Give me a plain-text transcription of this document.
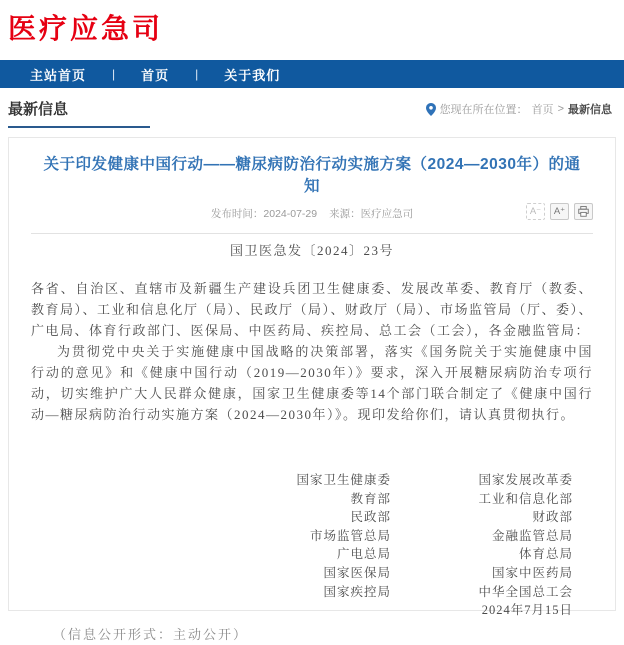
医疗应急司
主站首页 | 首页 | 关于我们
最新信息	您现在所在位置： 首页 > 最新信息
关于印发健康中国行动——糖尿病防治行动实施方案（2024—2030年）的通知
发布时间：2024-07-29 来源：医疗应急司	A⁻	A⁺

国卫医急发〔2024〕23号

各省、自治区、直辖市及新疆生产建设兵团卫生健康委、发展改革委、教育厅（教委、教育局）、工业和信息化厅（局）、民政厅（局）、财政厅（局）、市场监管局（厅、委）、广电局、体育行政部门、医保局、中医药局、疾控局、总工会（工会），各金融监管局：

为贯彻党中央关于实施健康中国战略的决策部署，落实《国务院关于实施健康中国行动的意见》和《健康中国行动（2019—2030年）》要求，深入开展糖尿病防治专项行动，切实维护广大人民群众健康，国家卫生健康委等14个部门联合制定了《健康中国行动—糖尿病防治行动实施方案（2024—2030年）》。现印发给你们，请认真贯彻执行。

国家卫生健康委	国家发展改革委
教育部	工业和信息化部
民政部	财政部
市场监管总局	金融监管总局
广电总局	体育总局
国家医保局	国家中医药局
国家疾控局	中华全国总工会
2024年7月15日

（信息公开形式：主动公开）
